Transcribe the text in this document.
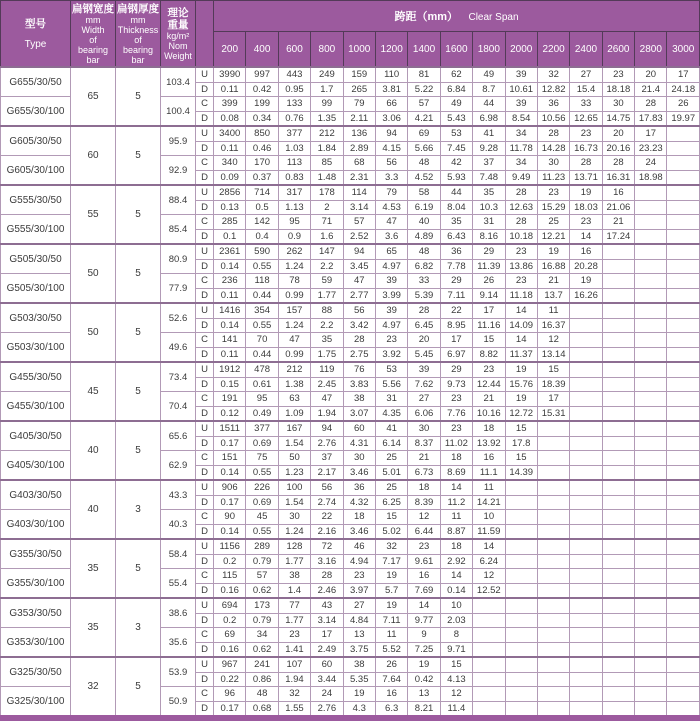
型号
Type

扁钢宽度
mm
Width
of
bearing
bar

扁钢厚度
mm
Thickness
of
bearing
bar

理论 重量
kg/m²
Nom
Weight
		跨距（mm） Clear Span
					200	400	600	800	1000	1200	1400	1600	1800	2000	2200	2400	2600	2800	3000
G655/30/50	65	5	103.4	U	3990	997	443	249	159	110	81	62	49	39	32	27	23	20	17
				D	0.11	0.42	0.95	1.7	265	3.81	5.22	6.84	8.7	10.61	12.82	15.4	18.18	21.4	24.18
G655/30/100			100.4	C	399	199	133	99	79	66	57	49	44	39	36	33	30	28	26
				D	0.08	0.34	0.76	1.35	2.11	3.06	4.21	5.43	6.98	8.54	10.56	12.65	14.75	17.83	19.97
G605/30/50	60	5	95.9	U	3400	850	377	212	136	94	69	53	41	34	28	23	20	17	
				D	0.11	0.46	1.03	1.84	2.89	4.15	5.66	7.45	9.28	11.78	14.28	16.73	20.16	23.23	
G605/30/100			92.9	C	340	170	113	85	68	56	48	42	37	34	30	28	28	24	
				D	0.09	0.37	0.83	1.48	2.31	3.3	4.52	5.93	7.48	9.49	11.23	13.71	16.31	18.98	
G555/30/50	55	5	88.4	U	2856	714	317	178	114	79	58	44	35	28	23	19	16		
				D	0.13	0.5	1.13	2	3.14	4.53	6.19	8.04	10.3	12.63	15.29	18.03	21.06		
G555/30/100			85.4	C	285	142	95	71	57	47	40	35	31	28	25	23	21		
				D	0.1	0.4	0.9	1.6	2.52	3.6	4.89	6.43	8.16	10.18	12.21	14	17.24		
G505/30/50	50	5	80.9	U	2361	590	262	147	94	65	48	36	29	23	19	16			
				D	0.14	0.55	1.24	2.2	3.45	4.97	6.82	7.78	11.39	13.86	16.88	20.28			
G505/30/100			77.9	C	236	118	78	59	47	39	33	29	26	23	21	19			
				D	0.11	0.44	0.99	1.77	2.77	3.99	5.39	7.11	9.14	11.18	13.7	16.26			
G503/30/50	50	5	52.6	U	1416	354	157	88	56	39	28	22	17	14	11				
				D	0.14	0.55	1.24	2.2	3.42	4.97	6.45	8.95	11.16	14.09	16.37				
G503/30/100			49.6	C	141	70	47	35	28	23	20	17	15	14	12				
				D	0.11	0.44	0.99	1.75	2.75	3.92	5.45	6.97	8.82	11.37	13.14				
G455/30/50	45	5	73.4	U	1912	478	212	119	76	53	39	29	23	19	15				
				D	0.15	0.61	1.38	2.45	3.83	5.56	7.62	9.73	12.44	15.76	18.39				
G455/30/100			70.4	C	191	95	63	47	38	31	27	23	21	19	17				
				D	0.12	0.49	1.09	1.94	3.07	4.35	6.06	7.76	10.16	12.72	15.31				
G405/30/50	40	5	65.6	U	1511	377	167	94	60	41	30	23	18	15					
				D	0.17	0.69	1.54	2.76	4.31	6.14	8.37	11.02	13.92	17.8					
G405/30/100			62.9	C	151	75	50	37	30	25	21	18	16	15					
				D	0.14	0.55	1.23	2.17	3.46	5.01	6.73	8.69	11.1	14.39					
G403/30/50	40	3	43.3	U	906	226	100	56	36	25	18	14	11						
				D	0.17	0.69	1.54	2.74	4.32	6.25	8.39	11.2	14.21						
G403/30/100			40.3	C	90	45	30	22	18	15	12	11	10						
				D	0.14	0.55	1.24	2.16	3.46	5.02	6.44	8.87	11.59						
G355/30/50	35	5	58.4	U	1156	289	128	72	46	32	23	18	14						
				D	0.2	0.79	1.77	3.16	4.94	7.17	9.61	2.92	6.24						
G355/30/100			55.4	C	115	57	38	28	23	19	16	14	12						
				D	0.16	0.62	1.4	2.46	3.97	5.7	7.69	0.14	12.52						
G353/30/50	35	3	38.6	U	694	173	77	43	27	19	14	10							
				D	0.2	0.79	1.77	3.14	4.84	7.11	9.77	2.03							
G353/30/100			35.6	C	69	34	23	17	13	11	9	8							
				D	0.16	0.62	1.41	2.49	3.75	5.52	7.25	9.71							
G325/30/50	32	5	53.9	U	967	241	107	60	38	26	19	15							
				D	0.22	0.86	1.94	3.44	5.35	7.64	0.42	4.13							
G325/30/100			50.9	C	96	48	32	24	19	16	13	12							
				D	0.17	0.68	1.55	2.76	4.3	6.3	8.21	11.4							
